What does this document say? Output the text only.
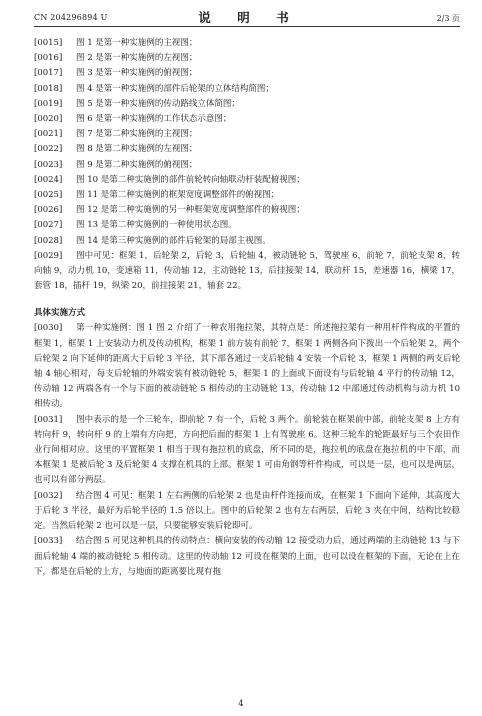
CN 204296894 U	说　明　书	2/3 页
[0015] 图 1 是第一种实施例的主视图；
[0016] 图 2 是第一种实施例的左视图；
[0017] 图 3 是第一种实施例的俯视图；
[0018] 图 4 是第一种实施例的部件后轮架的立体结构简图；
[0019] 图 5 是第一种实施例的传动路线立体简图；
[0020] 图 6 是第一种实施例的工作状态示意图；
[0021] 图 7 是第二种实施例的主视图；
[0022] 图 8 是第二种实施例的左视图；
[0023] 图 9 是第二种实施例的俯视图；
[0024] 图 10 是第二种实施例的部件前轮转向轴联动杆装配俯视图；
[0025] 图 11 是第二种实施例的框架宽度调整部件的俯视图；
[0026] 图 12 是第二种实施例的另一种框架宽度调整部件的俯视图；
[0027] 图 13 是第二种实施例的一种使用状态图。
[0028] 图 14 是第三种实施例的部件后轮架的局部主视图。
[0029] 图中可见：框架 1，后轮架 2，后轮 3，后轮轴 4，被动链轮 5，驾驶座 6，前轮 7，前轮支架 8，转向轴 9，动力机 10，变速箱 11，传动轴 12，主动链轮 13，后挂接架 14，联动杆 15，差速器 16，横梁 17，套管 18，插杆 19，纵梁 20，前挂接架 21，轴套 22。
具体实施方式
[0030] 第一种实施例：图 1 图 2 介绍了一种农用拖拉架，其特点是：所述拖拉架有一种用杆件构成的平置的框架 1，框架 1 上安装动力机及传动机构，框架 1 前方装有前轮 7，框架 1 两侧各向下拨出一个后轮架 2，两个后轮架 2 向下延伸的距离大于后轮 3 半径，其下部各通过一支后轮轴 4 安装一个后轮 3，框架 1 两侧的两支后轮轴 4 轴心相对，每支后轮轴的外端安装有被动链轮 5，框架 1 的上面或下面设有与后轮轴 4 平行的传动轴 12，传动轴 12 两端各有一个与下面的被动链轮 5 相传动的主动链轮 13，传动轴 12 中部通过传动机构与动力机 10 相传动。
[0031] 图中表示的是一个三轮车，即前轮 7 有一个，后轮 3 两个。前轮装在框架前中部，前轮支架 8 上方有转向杆 9，转向杆 9 的上端有方向把，方向把后面的框架 1 上有驾驶座 6。这种三轮车的轮距最好与三个农田作业行间相对应。这里的平置框架 1 相当于现有拖拉机的底盘，所不同的是，拖拉机的底盘在拖拉机的中下部，而本框架 1 是被后轮 3 及后轮架 4 支撑在机具的上部。框架 1 可由角钢等杆件构成，可以是一层，也可以是两层，也可以有部分两层。
[0032] 结合图 4 可见：框架 1 左右两侧的后轮架 2 也是由杆件连接而成，在框架 1 下面向下延伸，其高度大于后轮 3 半径，最好为后轮半径的 1.5 倍以上。图中的后轮架 2 也有左右两层，后轮 3 夹在中间，结构比较稳定。当然后轮架 2 也可以是一层，只要能够安装后轮即可。
[0033] 结合图 5 可见这种机具的传动特点：横向安装的传动轴 12 接受动力后，通过两端的主动链轮 13 与下面后轮轴 4 端的被动链轮 5 相传动。这里的传动轴 12 可设在框架的上面，也可以设在框架的下面，无论在上在下，都是在后轮的上方，与地面的距离要比现有拖
4
